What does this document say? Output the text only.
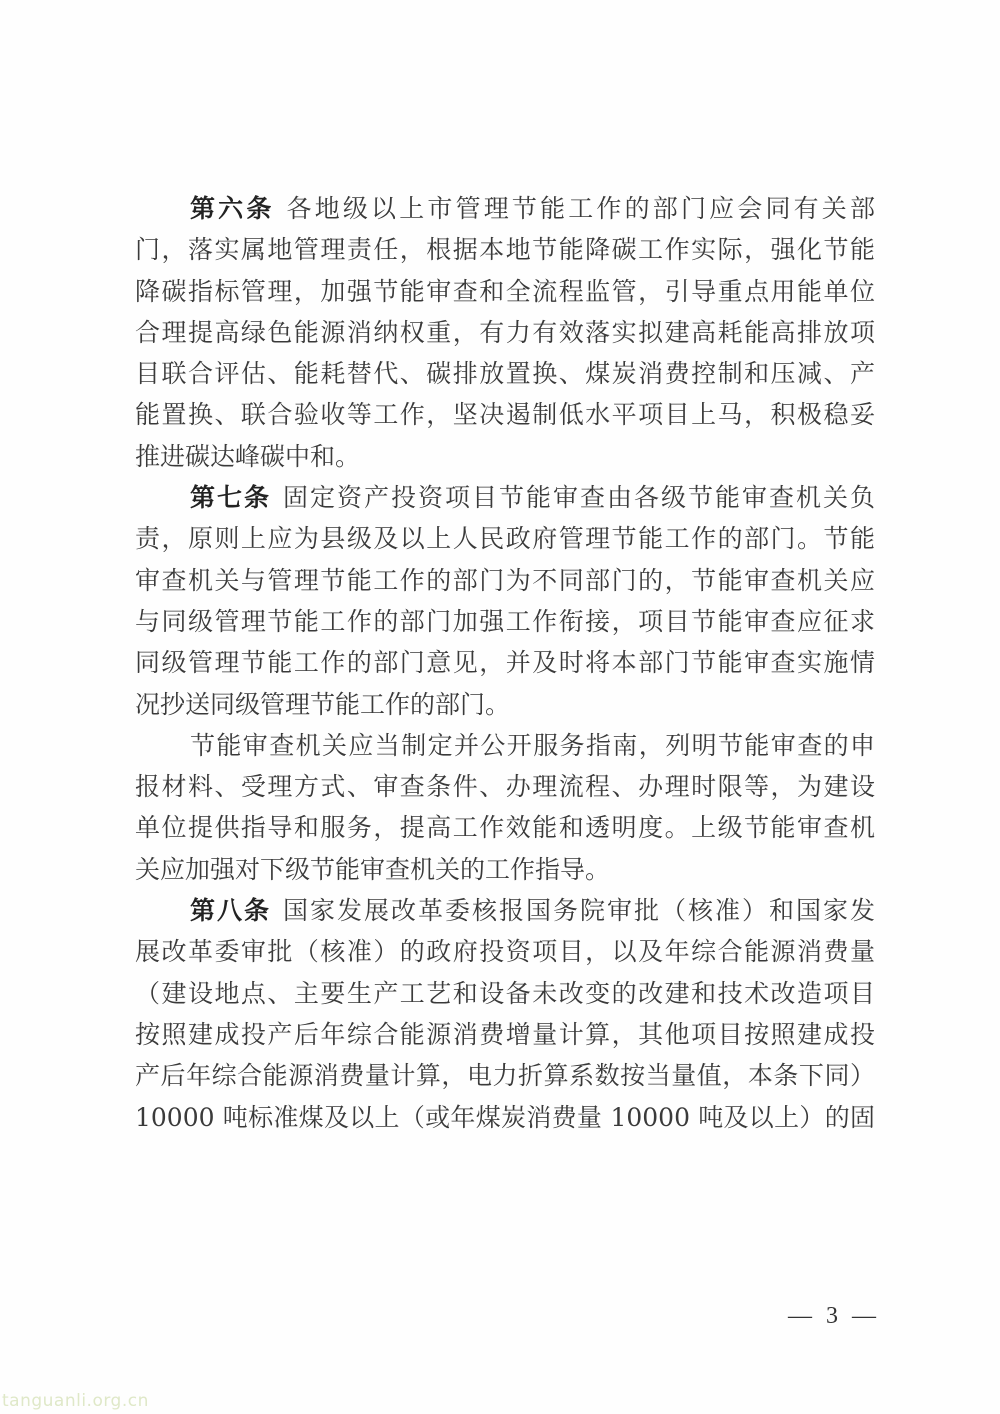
第六条 各地级以上市管理节能工作的部门应会同有关部
门，落实属地管理责任，根据本地节能降碳工作实际，强化节能
降碳指标管理，加强节能审查和全流程监管，引导重点用能单位
合理提高绿色能源消纳权重，有力有效落实拟建高耗能高排放项
目联合评估、能耗替代、碳排放置换、煤炭消费控制和压减、产
能置换、联合验收等工作，坚决遏制低水平项目上马，积极稳妥
推进碳达峰碳中和。
第七条 固定资产投资项目节能审查由各级节能审查机关负
责，原则上应为县级及以上人民政府管理节能工作的部门。节能
审查机关与管理节能工作的部门为不同部门的，节能审查机关应
与同级管理节能工作的部门加强工作衔接，项目节能审查应征求
同级管理节能工作的部门意见，并及时将本部门节能审查实施情
况抄送同级管理节能工作的部门。
节能审查机关应当制定并公开服务指南，列明节能审查的申
报材料、受理方式、审查条件、办理流程、办理时限等，为建设
单位提供指导和服务，提高工作效能和透明度。上级节能审查机
关应加强对下级节能审查机关的工作指导。
第八条 国家发展改革委核报国务院审批（核准）和国家发
展改革委审批（核准）的政府投资项目，以及年综合能源消费量
（建设地点、主要生产工艺和设备未改变的改建和技术改造项目
按照建成投产后年综合能源消费增量计算，其他项目按照建成投
产后年综合能源消费量计算，电力折算系数按当量值，本条下同）
10000 吨标准煤及以上（或年煤炭消费量 10000 吨及以上）的固
— 3 —
tanguanli.org.cn
